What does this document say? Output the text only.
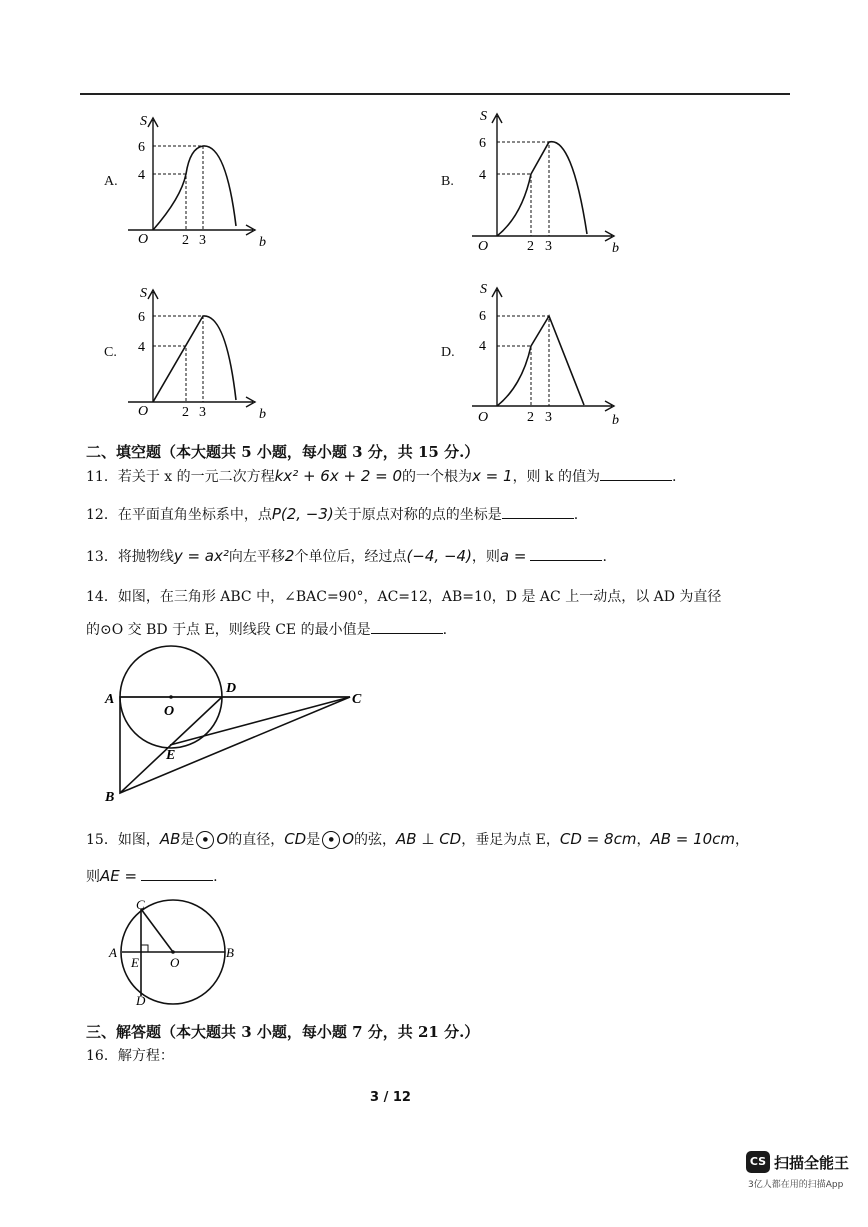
A.	B.
C.	D.
S
6
4
O 2 3	b
S
6
4
O	2 3	b
S
6
4
O 2 3	b
S
6
4
O	2 3	b
二、填空题（本大题共 5 小题，每小题 3 分，共 15 分.）
11．若关于 x 的一元二次方程kx² + 6x + 2 = 0的一个根为x = 1，则 k 的值为	.
12．在平面直角坐标系中，点P(2, −3)关于原点对称的点的坐标是	.
13．将抛物线y = ax²向左平移2个单位后，经过点(−4, −4)，则a =	.
14．如图，在三角形 ABC 中，∠BAC=90°，AC=12，AB=10，D 是 AC 上一动点，以 AD 为直径
的⊙O 交 BD 于点 E，则线段 CE 的最小值是	.
A
D
C
O
E
B
15．如图，AB是 ● O的直径，CD是 ● O的弦，AB ⊥ CD，垂足为点 E，CD = 8cm，AB = 10cm，
则AE =	.
A	B
C
D
E O
三、解答题（本大题共 3 小题，每小题 7 分，共 21 分.）
16．解方程：
3 / 12
CS 扫描全能王
3亿人都在用的扫描App
